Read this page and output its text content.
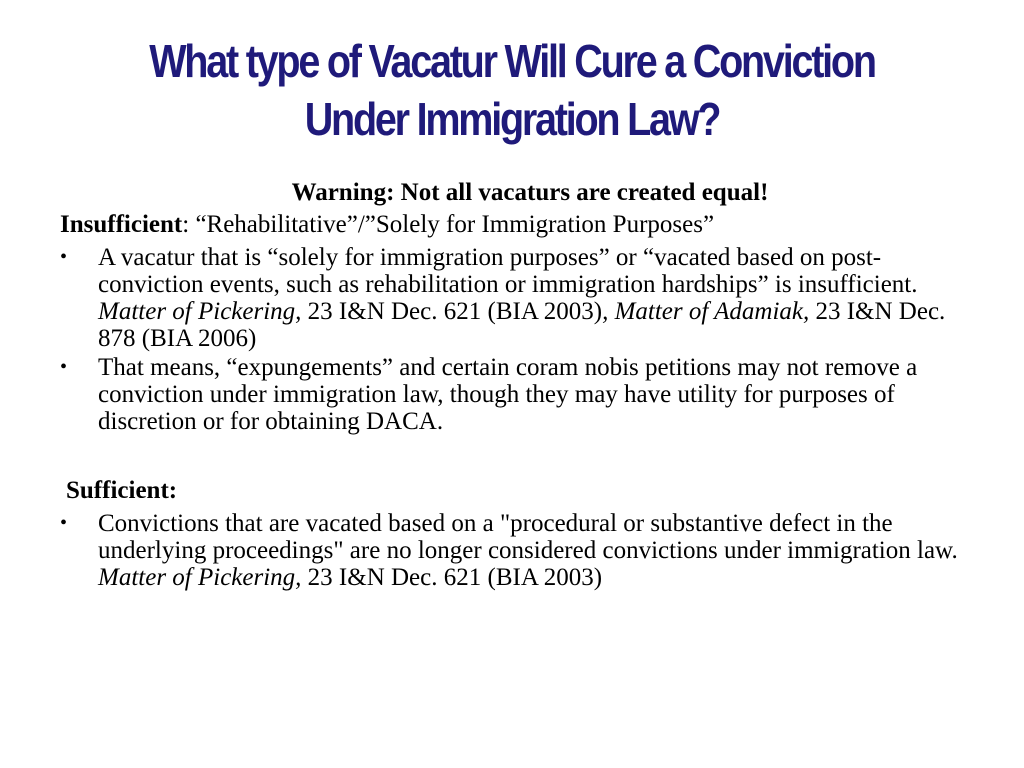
What type of Vacatur Will Cure a Conviction
Under Immigration Law?
Warning: Not all vacaturs are created equal!
Insufficient: “Rehabilitative”/”Solely for Immigration Purposes”
•	A vacatur that is “solely for immigration purposes” or “vacated based on post-conviction events, such as rehabilitation or immigration hardships” is insufficient. Matter of Pickering, 23 I&N Dec. 621 (BIA 2003), Matter of Adamiak, 23 I&N Dec. 878 (BIA 2006)
•	That means, “expungements” and certain coram nobis petitions may not remove a conviction under immigration law, though they may have utility for purposes of discretion or for obtaining DACA.
Sufficient:
•	Convictions that are vacated based on a "procedural or substantive defect in the underlying proceedings" are no longer considered convictions under immigration law. Matter of Pickering, 23 I&N Dec. 621 (BIA 2003)
